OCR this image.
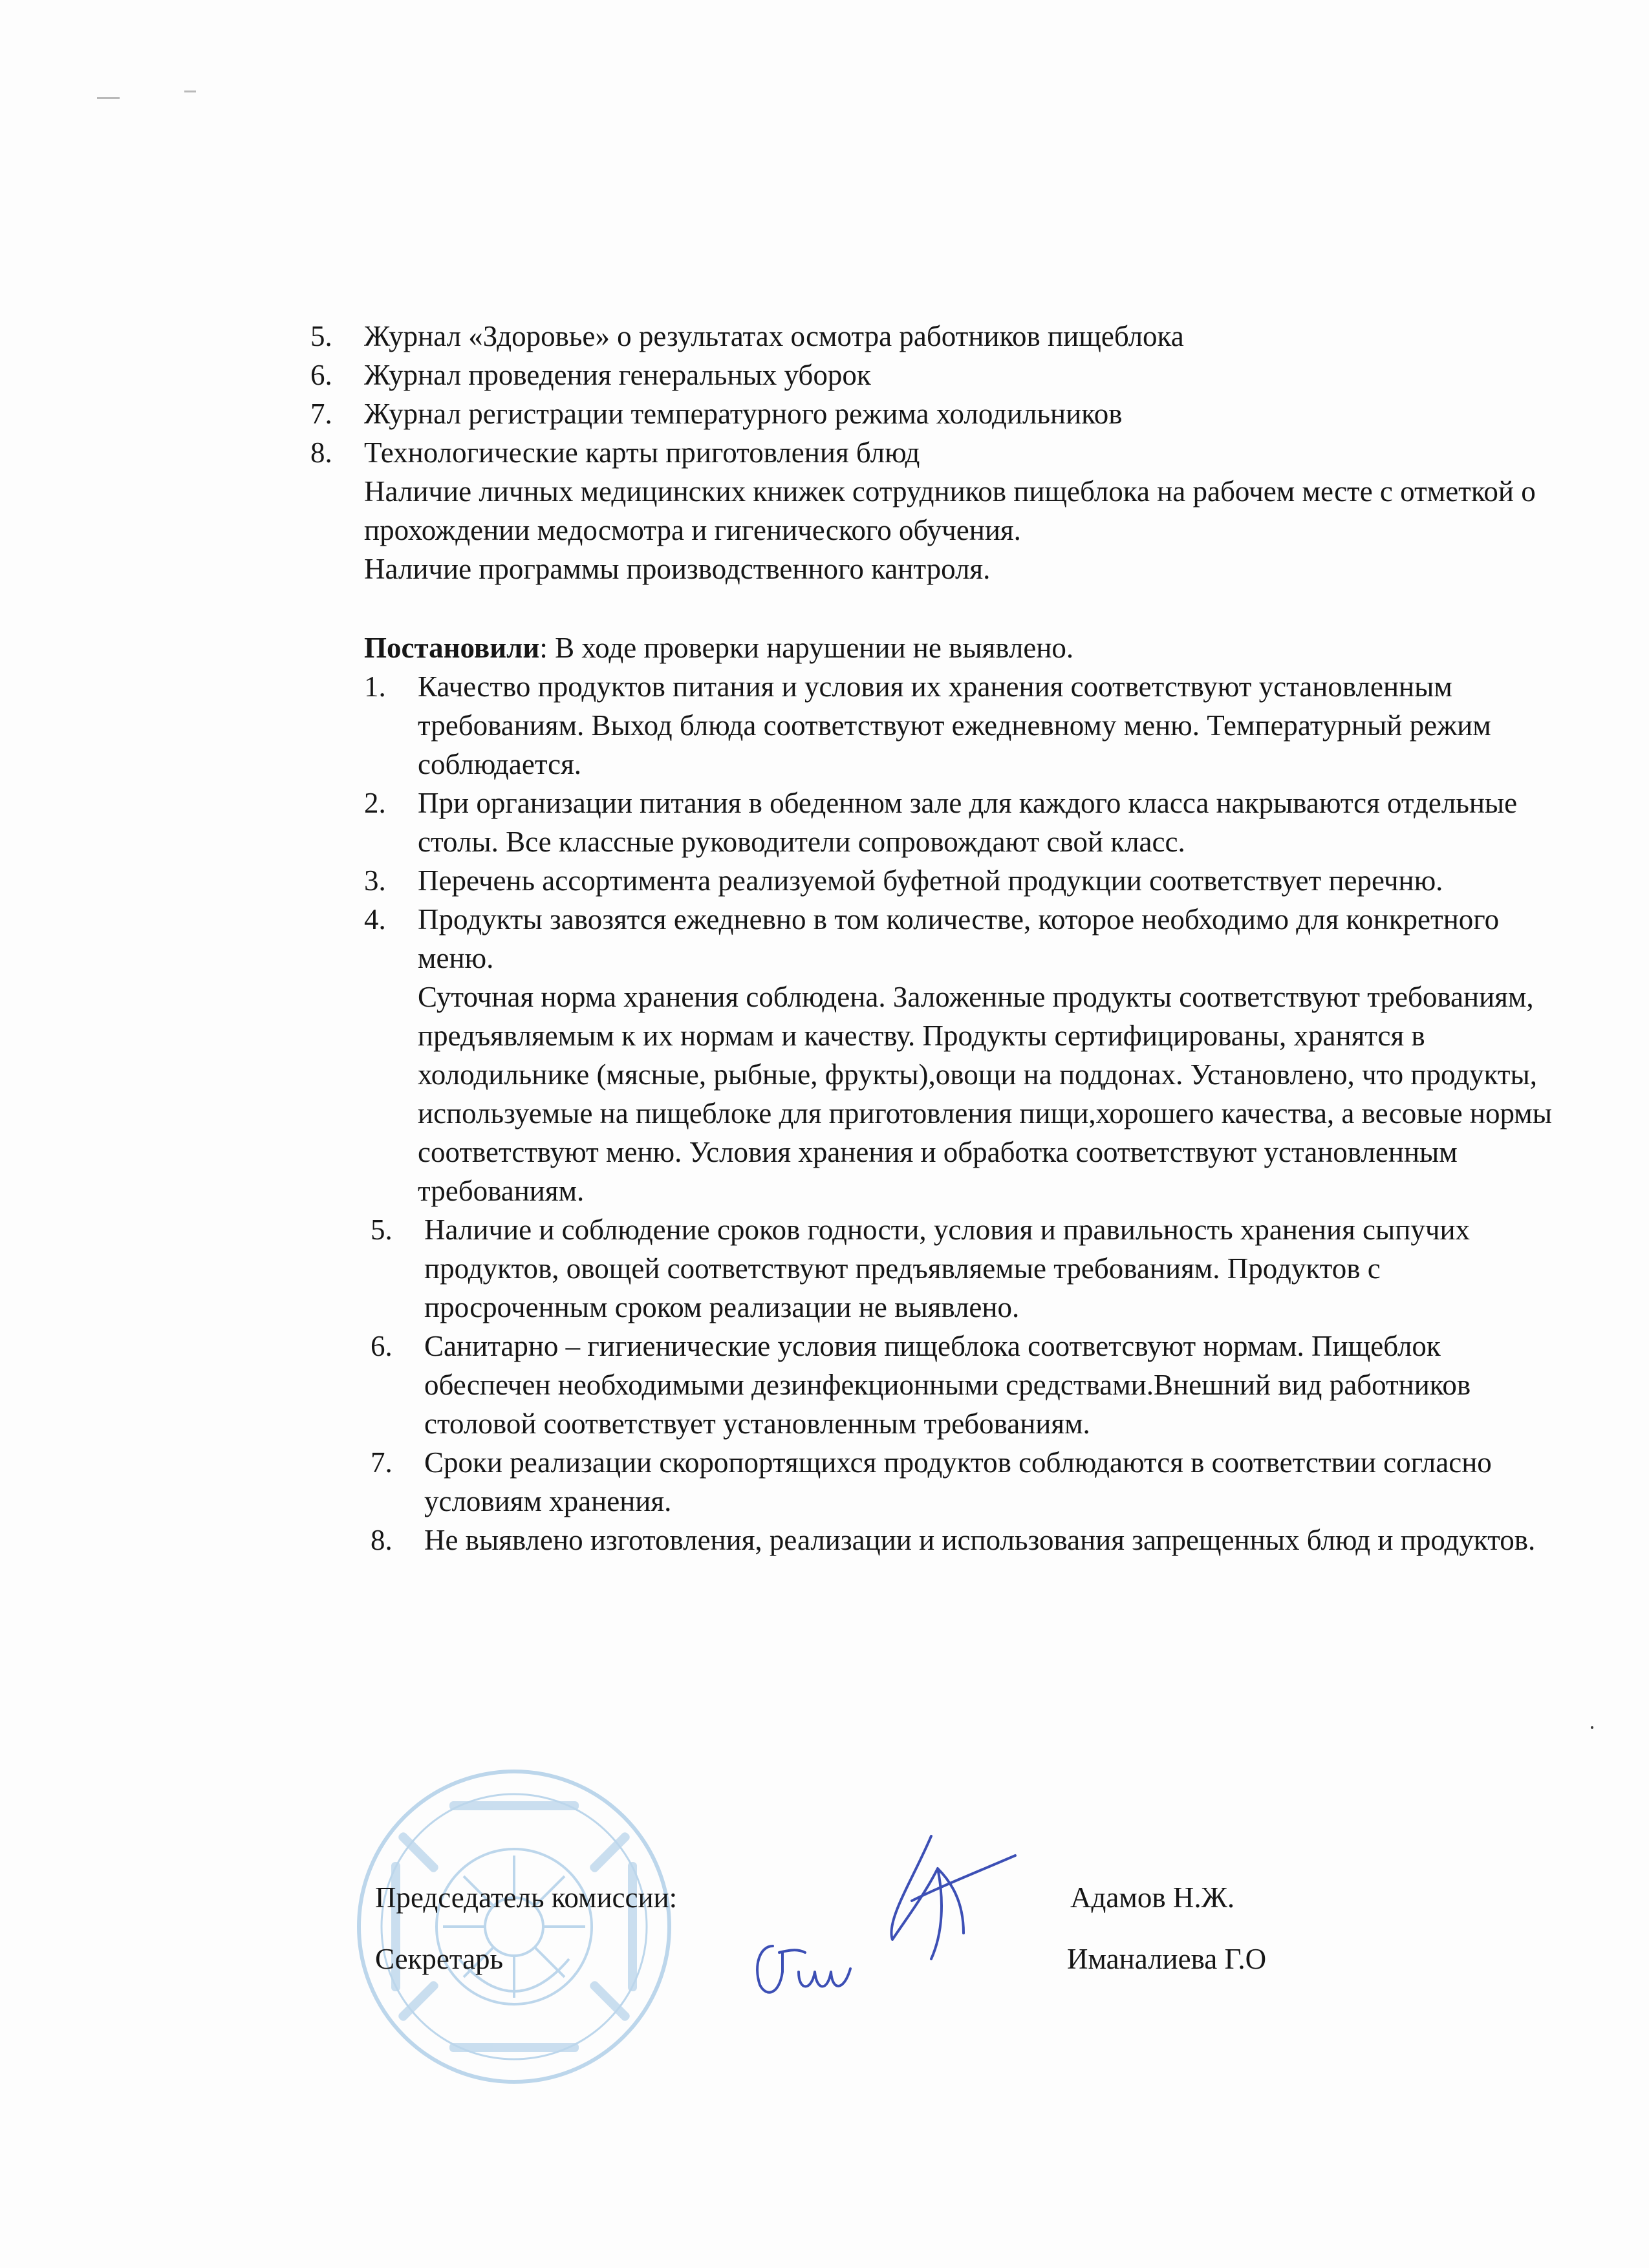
5. Журнал «Здоровье» о результатах осмотра работников пищеблока
6. Журнал проведения генеральных уборок
7. Журнал регистрации температурного режима холодильников
8. Технологические карты приготовления блюд

Наличие личных медицинских книжек сотрудников пищеблока на рабочем месте с отметкой о прохождении медосмотра и гигенического обучения.

Наличие программы производственного кантроля.

Постановили: В ходе проверки нарушении не выявлено.

1. Качество продуктов питания и условия их хранения соответствуют установленным требованиям. Выход блюда соответствуют ежедневному меню. Температурный режим соблюдается.

2. При организации питания в обеденном зале для каждого класса накрываются отдельные столы. Все классные руководители сопровождают свой класс.

3. Перечень ассортимента реализуемой буфетной продукции соответствует перечню.

4. Продукты завозятся ежедневно в том количестве, которое необходимо для конкретного меню.

Суточная норма хранения соблюдена. Заложенные продукты соответствуют требованиям, предъявляемым к их нормам и качеству. Продукты сертифицированы, хранятся в холодильнике (мясные, рыбные, фрукты),овощи на поддонах. Установлено, что продукты, используемые на пищеблоке для приготовления пищи,хорошего качества, а весовые нормы соответствуют меню. Условия хранения и обработка соответствуют установленным требованиям.

5. Наличие и соблюдение сроков годности, условия и правильность хранения сыпучих продуктов, овощей соответствуют предъявляемые требованиям. Продуктов с просроченным сроком реализации не выявлено.

6. Санитарно – гигиенические условия пищеблока соответсвуют нормам. Пищеблок обеспечен необходимыми дезинфекционными средствами.Внешний вид работников столовой соответствует установленным требованиям.

7. Сроки реализации скоропортящихся продуктов соблюдаются в соответствии согласно условиям хранения.

8. Не выявлено изготовления, реализации и использования запрещенных блюд и продуктов.

Председатель комиссии:	Адамов Н.Ж.
Секретарь	Иманалиева Г.О
